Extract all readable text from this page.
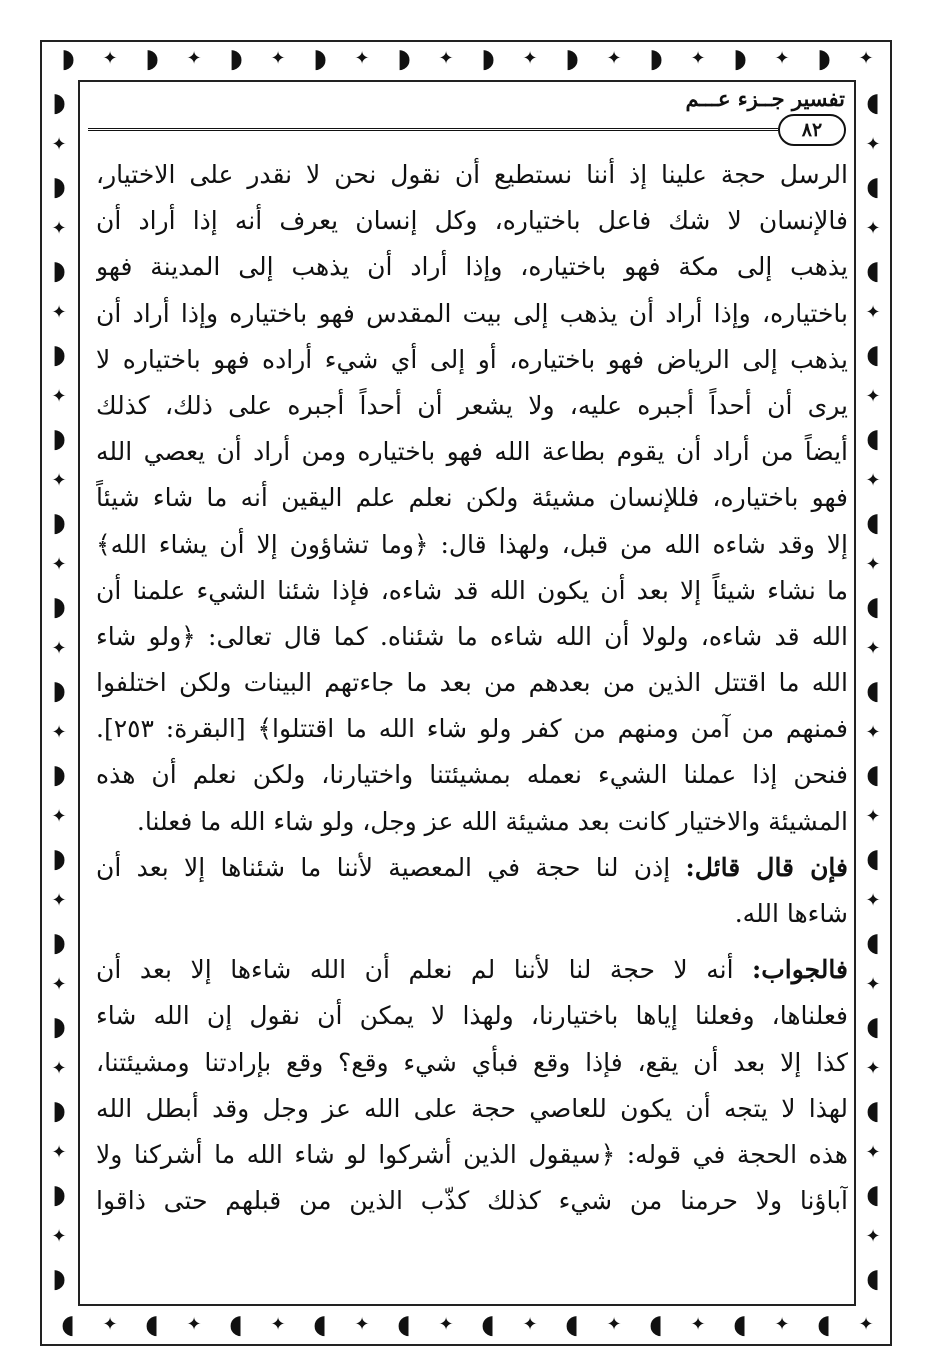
◗
◖
✦
✦
◗
◖
✦
✦
◗
◖
✦
✦
◗
◖
✦
✦
◗
◖
✦
✦
◗
◖
✦
✦
◗
◖
✦
✦
◗
◖
✦
✦
◗
◖
✦
✦
◗
◖
✦
✦
◗	◖
✦	✦
◗	◖
✦	✦
◗	◖
✦	✦
◗	◖
✦	✦
◗	◖
✦	✦
◗	◖
✦	✦
◗	◖
✦	✦
◗	◖
✦	✦
◗	◖
✦	✦
◗	◖
✦	✦
◗	◖
✦	✦
◗	◖
✦	✦
◗	◖
✦	✦
◗	◖
✦	✦
◗	◖
تفسير جــزء عـــم
٨٢
الرسل حجة علينا إذ أننا نستطيع أن نقول نحن لا نقدر على الاختيار،
فالإنسان لا شك فاعل باختياره، وكل إنسان يعرف أنه إذا أراد أن
يذهب إلى مكة فهو باختياره، وإذا أراد أن يذهب إلى المدينة فهو
باختياره، وإذا أراد أن يذهب إلى بيت المقدس فهو باختياره وإذا أراد أن
يذهب إلى الرياض فهو باختياره، أو إلى أي شيء أراده فهو باختياره لا
يرى أن أحداً أجبره عليه، ولا يشعر أن أحداً أجبره على ذلك، كذلك
أيضاً من أراد أن يقوم بطاعة الله فهو باختياره ومن أراد أن يعصي الله
فهو باختياره، فللإنسان مشيئة ولكن نعلم علم اليقين أنه ما شاء شيئاً
إلا وقد شاءه الله من قبل، ولهذا قال: ﴿وما تشاؤون إلا أن يشاء الله﴾
ما نشاء شيئاً إلا بعد أن يكون الله قد شاءه، فإذا شئنا الشيء علمنا أن
الله قد شاءه، ولولا أن الله شاءه ما شئناه. كما قال تعالى: ﴿ولو شاء
الله ما اقتتل الذين من بعدهم من بعد ما جاءتهم البينات ولكن اختلفوا
فمنهم من آمن ومنهم من كفر ولو شاء الله ما اقتتلوا﴾ [البقرة: ٢٥٣].
فنحن إذا عملنا الشيء نعمله بمشيئتنا واختيارنا، ولكن نعلم أن هذه
المشيئة والاختيار كانت بعد مشيئة الله عز وجل، ولو شاء الله ما فعلنا.
فإن قال قائل: إذن لنا حجة في المعصية لأننا ما شئناها إلا بعد أن
شاءها الله.
فالجواب: أنه لا حجة لنا لأننا لم نعلم أن الله شاءها إلا بعد أن
فعلناها، وفعلنا إياها باختيارنا، ولهذا لا يمكن أن نقول إن الله شاء
كذا إلا بعد أن يقع، فإذا وقع فبأي شيء وقع؟ وقع بإرادتنا ومشيئتنا،
لهذا لا يتجه أن يكون للعاصي حجة على الله عز وجل وقد أبطل الله
هذه الحجة في قوله: ﴿سيقول الذين أشركوا لو شاء الله ما أشركنا ولا
آباؤنا ولا حرمنا من شيء كذلك كذّب الذين من قبلهم حتى ذاقوا
